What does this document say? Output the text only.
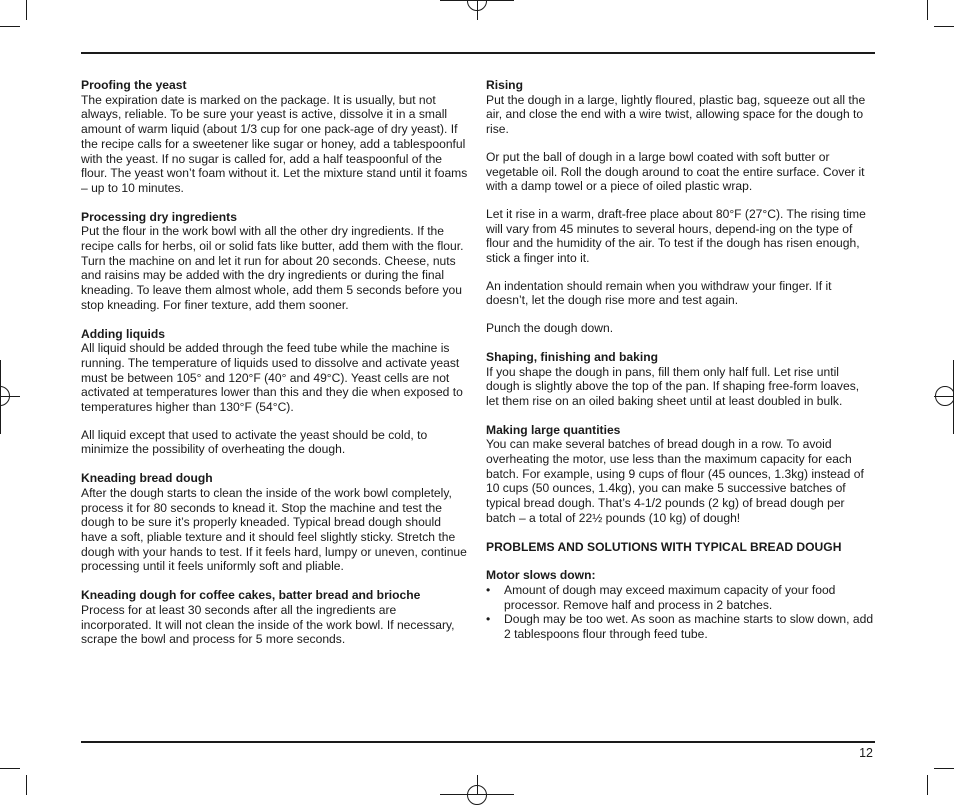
Proofing the yeast

The expiration date is marked on the package. It is usually, but not always, reliable. To be sure your yeast is active, dissolve it in a small amount of warm liquid (about 1/3 cup for one pack-age of dry yeast). If the recipe calls for a sweetener like sugar or honey, add a tablespoonful with the yeast. If no sugar is called for, add a half teaspoonful of the flour. The yeast won’t foam without it. Let the mixture stand until it foams – up to 10 minutes.

Processing dry ingredients

Put the flour in the work bowl with all the other dry ingredients. If the recipe calls for herbs, oil or solid fats like butter, add them with the flour. Turn the machine on and let it run for about 20 seconds. Cheese, nuts and raisins may be added with the dry ingredients or during the final kneading. To leave them almost whole, add them 5 seconds before you stop kneading. For finer texture, add them sooner.

Adding liquids

All liquid should be added through the feed tube while the machine is running. The temperature of liquids used to dissolve and activate yeast must be between 105° and 120°F (40° and 49°C). Yeast cells are not activated at temperatures lower than this and they die when exposed to temperatures higher than 130°F (54°C).

All liquid except that used to activate the yeast should be cold, to minimize the possibility of overheating the dough.

Kneading bread dough

After the dough starts to clean the inside of the work bowl completely, process it for 80 seconds to knead it. Stop the machine and test the dough to be sure it’s properly kneaded. Typical bread dough should have a soft, pliable texture and it should feel slightly sticky. Stretch the dough with your hands to test. If it feels hard, lumpy or uneven, continue processing until it feels uniformly soft and pliable.

Kneading dough for coffee cakes, batter bread and brioche

Process for at least 30 seconds after all the ingredients are incorporated. It will not clean the inside of the work bowl. If necessary, scrape the bowl and process for 5 more seconds.

Rising

Put the dough in a large, lightly floured, plastic bag, squeeze out all the air, and close the end with a wire twist, allowing space for the dough to rise.

Or put the ball of dough in a large bowl coated with soft butter or vegetable oil. Roll the dough around to coat the entire surface. Cover it with a damp towel or a piece of oiled plastic wrap.

Let it rise in a warm, draft-free place about 80°F (27°C). The rising time will vary from 45 minutes to several hours, depend-ing on the type of flour and the humidity of the air. To test if the dough has risen enough, stick a finger into it.

An indentation should remain when you withdraw your finger. If it doesn’t, let the dough rise more and test again.

Punch the dough down.

Shaping, finishing and baking

If you shape the dough in pans, fill them only half full. Let rise until dough is slightly above the top of the pan. If shaping free-form loaves, let them rise on an oiled baking sheet until at least doubled in bulk.

Making large quantities

You can make several batches of bread dough in a row. To avoid overheating the motor, use less than the maximum capacity for each batch. For example, using 9 cups of flour (45 ounces, 1.3kg) instead of 10 cups (50 ounces, 1.4kg), you can make 5 successive batches of typical bread dough. That’s 4-1/2 pounds (2 kg) of bread dough per batch – a total of 22½ pounds (10 kg) of dough!

PROBLEMS AND SOLUTIONS WITH TYPICAL BREAD DOUGH

Motor slows down:

• Amount of dough may exceed maximum capacity of your food processor. Remove half and process in 2 batches.
• Dough may be too wet. As soon as machine starts to slow down, add 2 tablespoons flour through feed tube.
12
